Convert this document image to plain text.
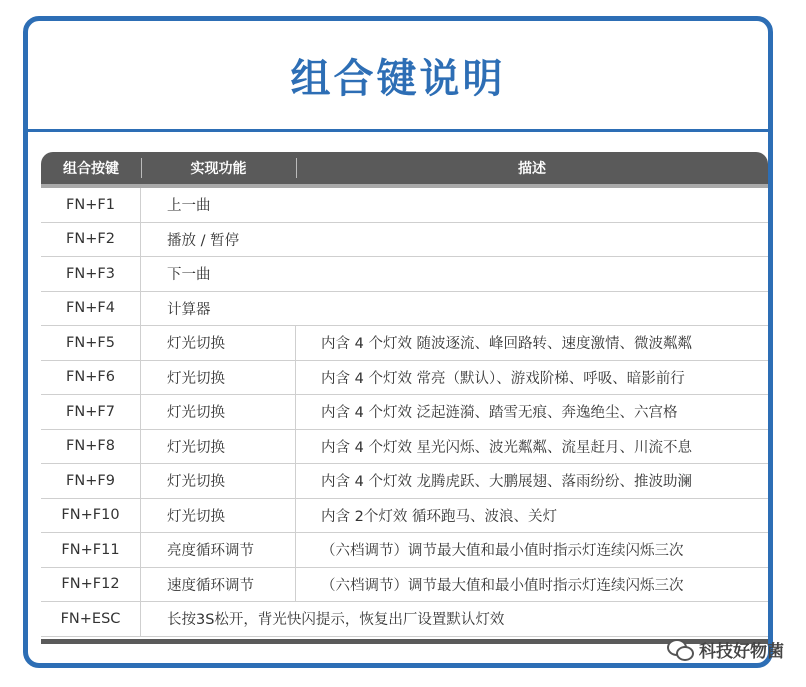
组合键说明
组合按键	实现功能	描述
FN+F1	上一曲
FN+F2	播放 / 暂停
FN+F3	下一曲
FN+F4	计算器
FN+F5	灯光切换	内含 4 个灯效 随波逐流、峰回路转、速度激情、微波粼粼
FN+F6	灯光切换	内含 4 个灯效 常亮（默认）、游戏阶梯、呼吸、暗影前行
FN+F7	灯光切换	内含 4 个灯效 泛起涟漪、踏雪无痕、奔逸绝尘、六宫格
FN+F8	灯光切换	内含 4 个灯效 星光闪烁、波光粼粼、流星赶月、川流不息
FN+F9	灯光切换	内含 4 个灯效 龙腾虎跃、大鹏展翅、落雨纷纷、推波助澜
FN+F10	灯光切换	内含 2个灯效 循环跑马、波浪、关灯
FN+F11	亮度循环调节	（六档调节）调节最大值和最小值时指示灯连续闪烁三次
FN+F12	速度循环调节	（六档调节）调节最大值和最小值时指示灯连续闪烁三次
FN+ESC	长按3S松开，背光快闪提示，恢复出厂设置默认灯效
科技好物菌
